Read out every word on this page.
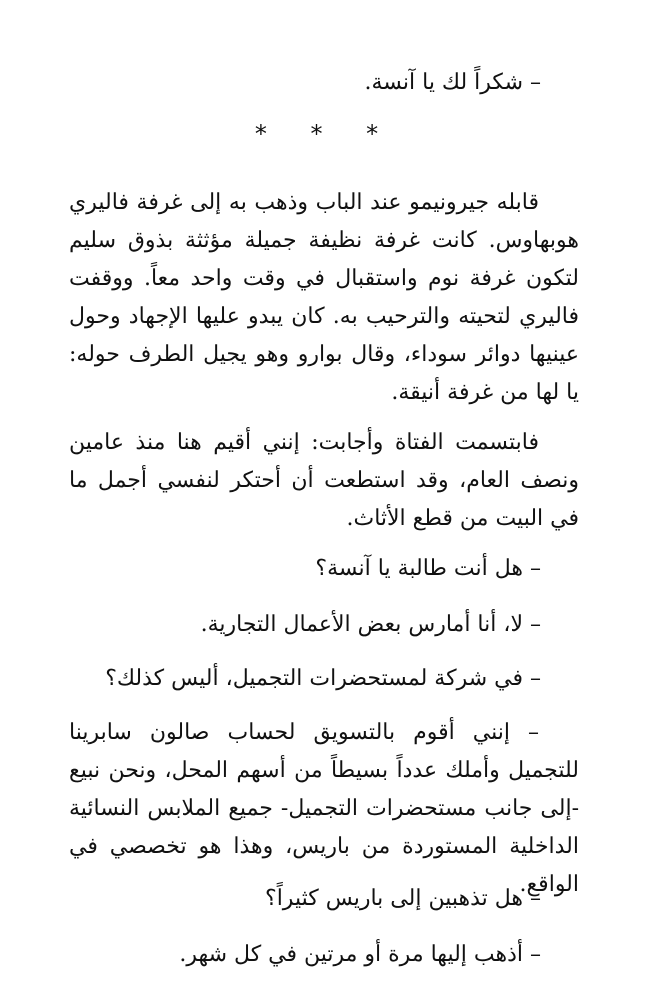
– شكراً لك يا آنسة.

* * *

قابله جيرونيمو عند الباب وذهب به إلى غرفة فاليري هوبهاوس. كانت غرفة نظيفة جميلة مؤثثة بذوق سليم لتكون غرفة نوم واستقبال في وقت واحد معاً. ووقفت فاليري لتحيته والترحيب به. كان يبدو عليها الإجهاد وحول عينيها دوائر سوداء، وقال بوارو وهو يجيل الطرف حوله: يا لها من غرفة أنيقة.

فابتسمت الفتاة وأجابت: إنني أقيم هنا منذ عامين ونصف العام، وقد استطعت أن أحتكر لنفسي أجمل ما في البيت من قطع الأثاث.

– هل أنت طالبة يا آنسة؟

– لا، أنا أمارس بعض الأعمال التجارية.

– في شركة لمستحضرات التجميل، أليس كذلك؟

– إنني أقوم بالتسويق لحساب صالون سابرينا للتجميل وأملك عدداً بسيطاً من أسهم المحل، ونحن نبيع -إلى جانب مستحضرات التجميل- جميع الملابس النسائية الداخلية المستوردة من باريس، وهذا هو تخصصي في الواقع.

– هل تذهبين إلى باريس كثيراً؟

– أذهب إليها مرة أو مرتين في كل شهر.
